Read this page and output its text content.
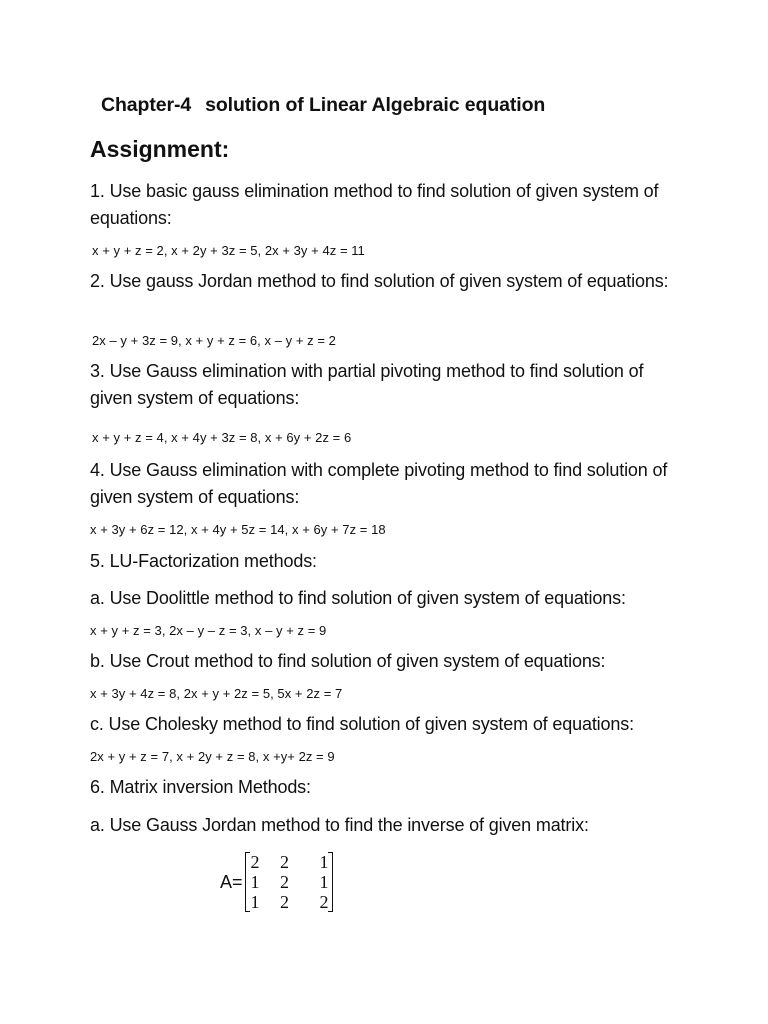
Chapter-4 solution of Linear Algebraic equation
Assignment:

1. Use basic gauss elimination method to find solution of given system of equations:

x + y + z = 2, x + 2y + 3z = 5, 2x + 3y + 4z = 11

2. Use gauss Jordan method to find solution of given system of equations:

2x – y + 3z = 9, x + y + z = 6, x – y + z = 2

3. Use Gauss elimination with partial pivoting method to find solution of given system of equations:

x + y + z = 4, x + 4y + 3z = 8, x + 6y + 2z = 6

4. Use Gauss elimination with complete pivoting method to find solution of given system of equations:

x + 3y + 6z = 12, x + 4y + 5z = 14, x + 6y + 7z = 18

5. LU-Factorization methods:

a. Use Doolittle method to find solution of given system of equations:

x + y + z = 3, 2x – y – z = 3, x – y + z = 9

b. Use Crout method to find solution of given system of equations:

x + 3y + 4z = 8, 2x + y + 2z = 5, 5x + 2z = 7

c. Use Cholesky method to find solution of given system of equations:

2x + y + z = 7, x + 2y + z = 8, x +y+ 2z = 9

6. Matrix inversion Methods:

a. Use Gauss Jordan method to find the inverse of given matrix:

A=
2	2	1
1	2	1
1	2	2
